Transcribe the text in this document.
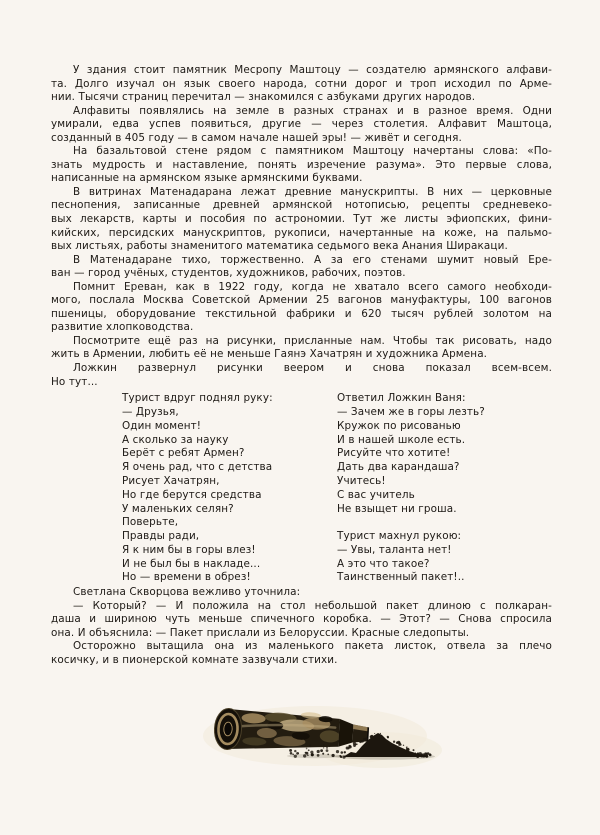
У здания стоит памятник Месропу Маштоцу — создателю армянского алфави-
та. Долго изучал он язык своего народа, сотни дорог и троп исходил по Арме-
нии. Тысячи страниц перечитал — знакомился с азбуками других народов.
Алфавиты появлялись на земле в разных странах и в разное время. Одни
умирали, едва успев появиться, другие — через столетия. Алфавит Маштоца,
созданный в 405 году — в самом начале нашей эры! — живёт и сегодня.
На базальтовой стене рядом с памятником Маштоцу начертаны слова: «По-
знать мудрость и наставление, понять изречение разума». Это первые слова,
написанные на армянском языке армянскими буквами.
В витринах Матенадарана лежат древние манускрипты. В них — церковные
песнопения, записанные древней армянской нотописью, рецепты средневеко-
вых лекарств, карты и пособия по астрономии. Тут же листы эфиопских, фини-
кийских, персидских манускриптов, рукописи, начертанные на коже, на пальмо-
вых листьях, работы знаменитого математика седьмого века Анания Ширакаци.
В Матенадаране тихо, торжественно. А за его стенами шумит новый Ере-
ван — город учёных, студентов, художников, рабочих, поэтов.
Помнит Ереван, как в 1922 году, когда не хватало всего самого необходи-
мого, послала Москва Советской Армении 25 вагонов мануфактуры, 100 вагонов
пшеницы, оборудование текстильной фабрики и 620 тысяч рублей золотом на
развитие хлопководства.
Посмотрите ещё раз на рисунки, присланные нам. Чтобы так рисовать, надо
жить в Армении, любить её не меньше Гаянэ Хачатрян и художника Армена.
Ложкин развернул рисунки веером и снова показал всем-всем.
Но тут...
Турист вдруг поднял руку:
— Друзья,
Один момент!
А сколько за науку
Берёт с ребят Армен?
Я очень рад, что с детства
Рисует Хачатрян,
Но где берутся средства
У маленьких селян?
Поверьте,
Правды ради,
Я к ним бы в горы влез!
И не был бы в накладе...
Но — времени в обрез!
Ответил Ложкин Ваня:
— Зачем же в горы лезть?
Кружок по рисованью
И в нашей школе есть.
Рисуйте что хотите!
Дать два карандаша?
Учитесь!
С вас учитель
Не взыщет ни гроша.

Турист махнул рукою:
— Увы, таланта нет!
А это что такое?
Таинственный пакет!..
Светлана Скворцова вежливо уточнила:
— Который? — И положила на стол небольшой пакет длиною с полкаран-
даша и шириною чуть меньше спичечного коробка. — Этот? — Снова спросила
она. И объяснила: — Пакет прислали из Белоруссии. Красные следопыты.
Осторожно вытащила она из маленького пакета листок, отвела за плечо
косичку, и в пионерской комнате зазвучали стихи.
